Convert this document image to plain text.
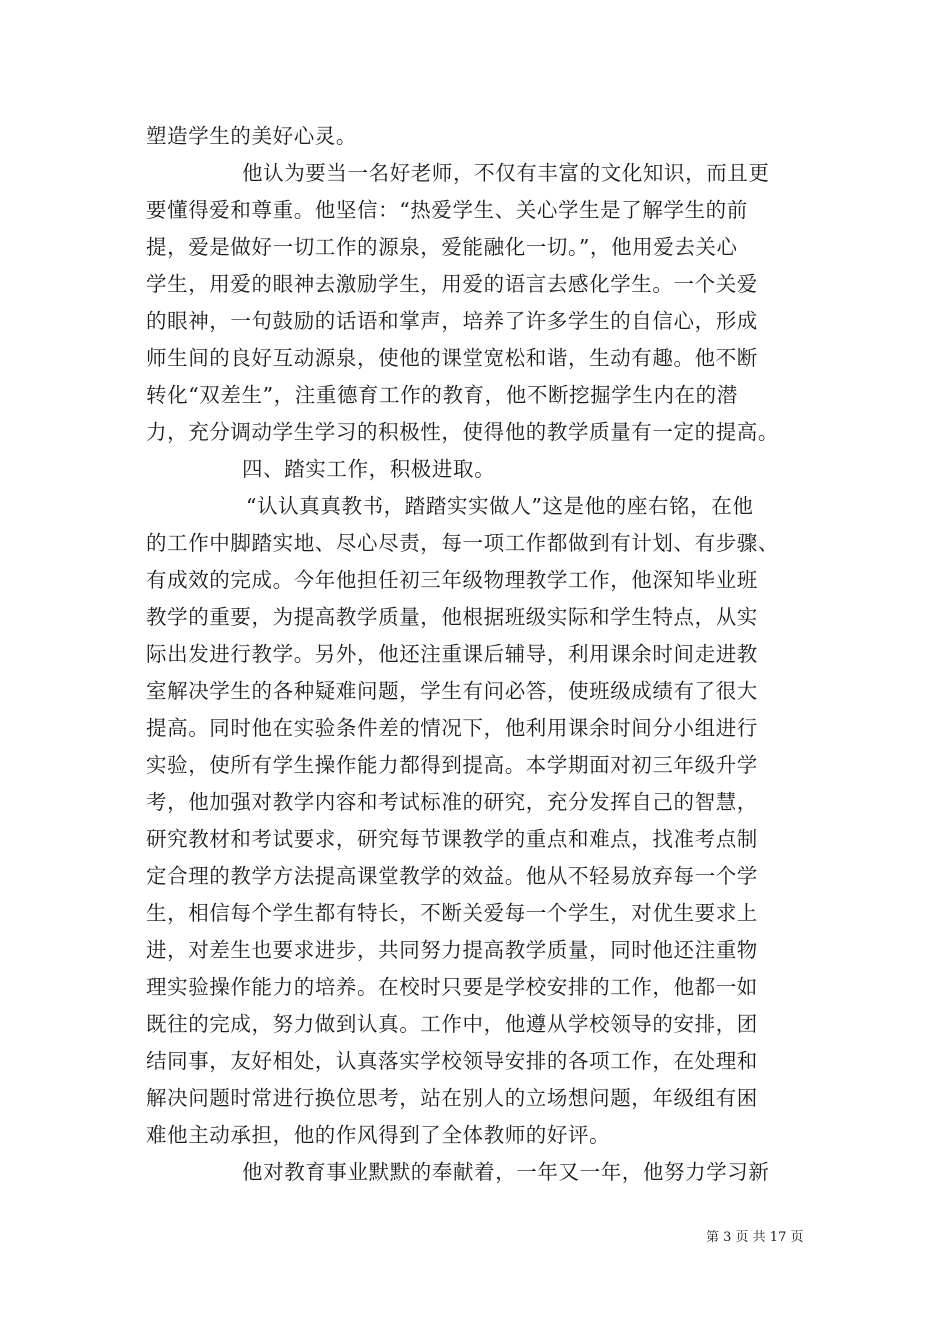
塑造学生的美好心灵。
他认为要当一名好老师，不仅有丰富的文化知识，而且更
要懂得爱和尊重。他坚信：“热爱学生、关心学生是了解学生的前
提，爱是做好一切工作的源泉，爱能融化一切。”，他用爱去关心
学生，用爱的眼神去激励学生，用爱的语言去感化学生。一个关爱
的眼神，一句鼓励的话语和掌声，培养了许多学生的自信心，形成
师生间的良好互动源泉，使他的课堂宽松和谐，生动有趣。他不断
转化“双差生”，注重德育工作的教育，他不断挖掘学生内在的潜
力，充分调动学生学习的积极性，使得他的教学质量有一定的提高。
四、踏实工作，积极进取。
“认认真真教书，踏踏实实做人”这是他的座右铭，在他
的工作中脚踏实地、尽心尽责，每一项工作都做到有计划、有步骤、
有成效的完成。今年他担任初三年级物理教学工作，他深知毕业班
教学的重要，为提高教学质量，他根据班级实际和学生特点，从实
际出发进行教学。另外，他还注重课后辅导，利用课余时间走进教
室解决学生的各种疑难问题，学生有问必答，使班级成绩有了很大
提高。同时他在实验条件差的情况下，他利用课余时间分小组进行
实验，使所有学生操作能力都得到提高。本学期面对初三年级升学
考，他加强对教学内容和考试标准的研究，充分发挥自己的智慧，
研究教材和考试要求，研究每节课教学的重点和难点，找准考点制
定合理的教学方法提高课堂教学的效益。他从不轻易放弃每一个学
生，相信每个学生都有特长，不断关爱每一个学生，对优生要求上
进，对差生也要求进步，共同努力提高教学质量，同时他还注重物
理实验操作能力的培养。在校时只要是学校安排的工作，他都一如
既往的完成，努力做到认真。工作中，他遵从学校领导的安排，团
结同事，友好相处，认真落实学校领导安排的各项工作，在处理和
解决问题时常进行换位思考，站在别人的立场想问题，年级组有困
难他主动承担，他的作风得到了全体教师的好评。
他对教育事业默默的奉献着，一年又一年，他努力学习新
第 3 页 共 17 页
